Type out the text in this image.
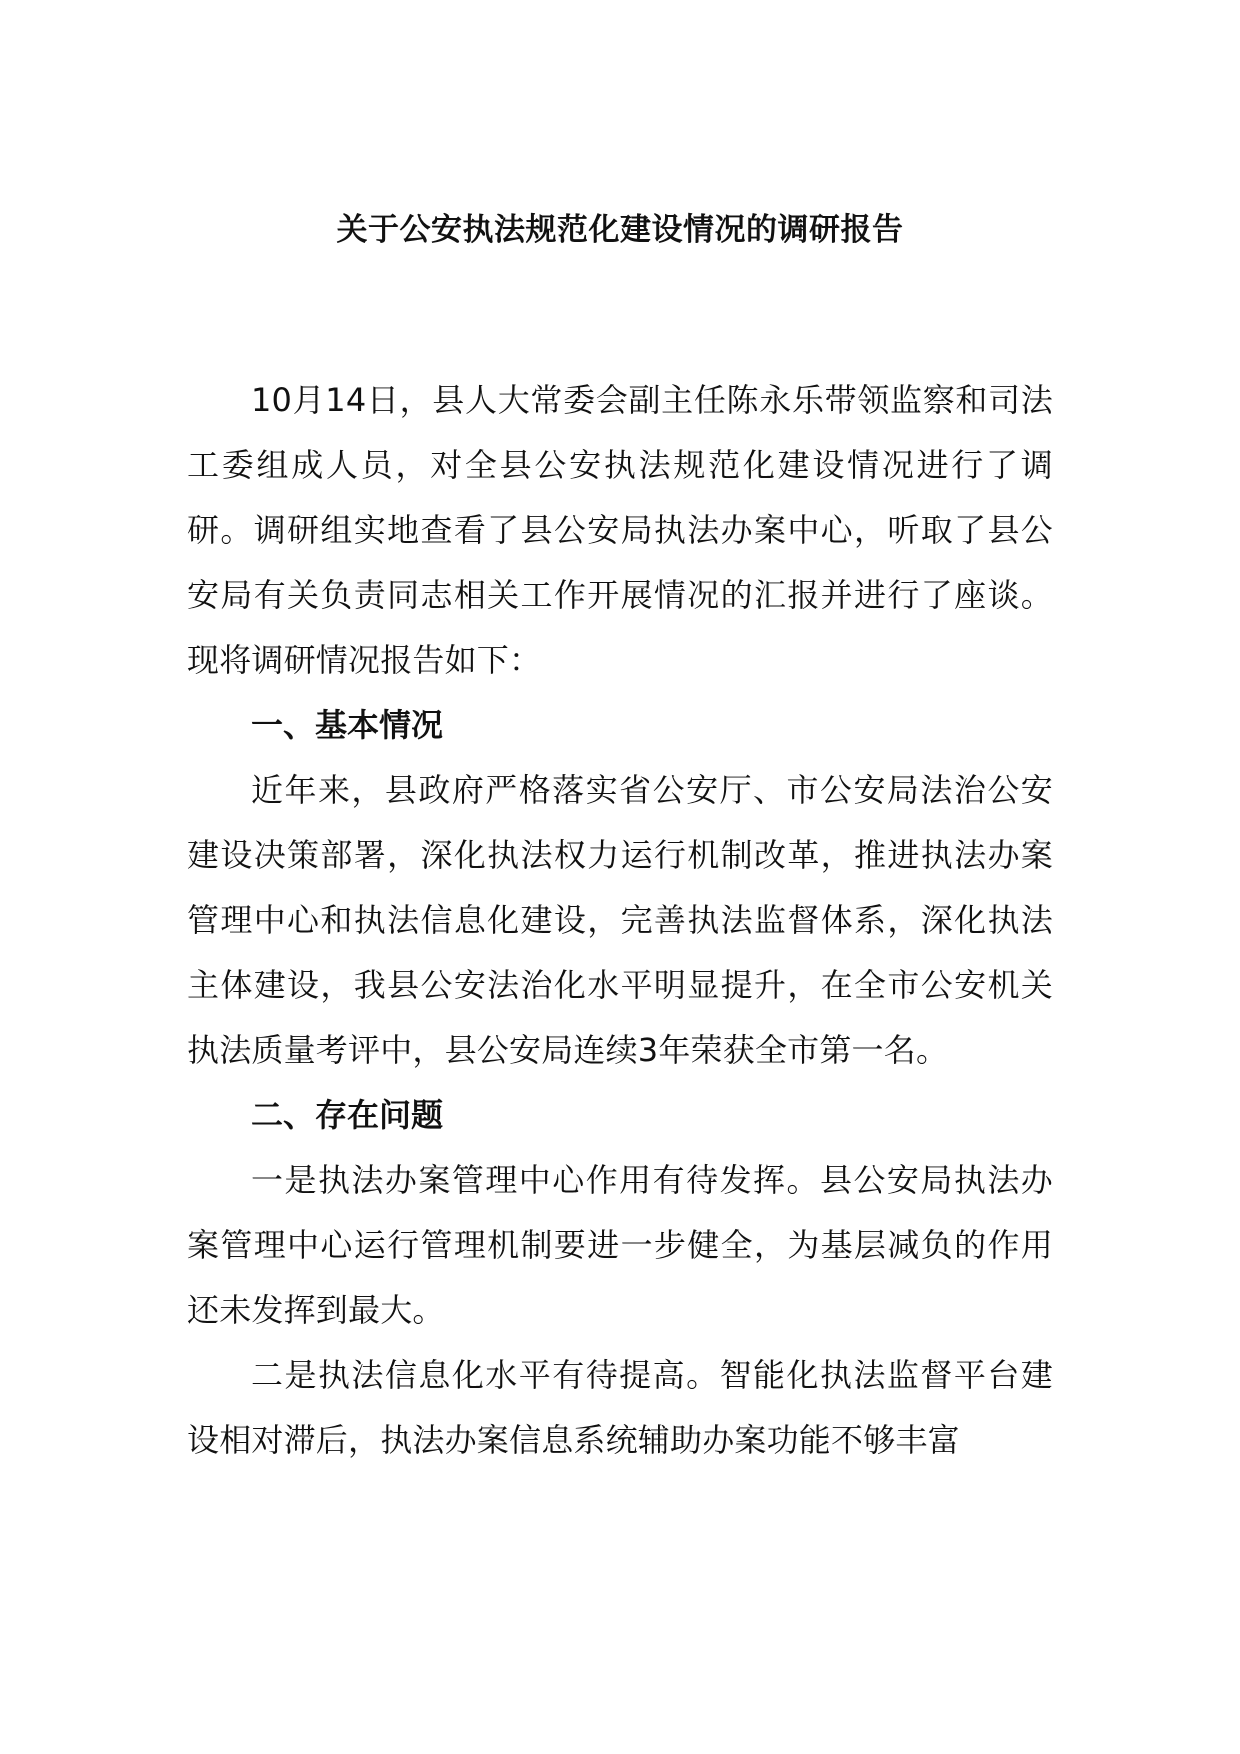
关于公安执法规范化建设情况的调研报告

10月14日，县人大常委会副主任陈永乐带领监察和司法工委组成人员，对全县公安执法规范化建设情况进行了调研。调研组实地查看了县公安局执法办案中心，听取了县公安局有关负责同志相关工作开展情况的汇报并进行了座谈。现将调研情况报告如下：

一、基本情况

近年来，县政府严格落实省公安厅、市公安局法治公安建设决策部署，深化执法权力运行机制改革，推进执法办案管理中心和执法信息化建设，完善执法监督体系，深化执法主体建设，我县公安法治化水平明显提升，在全市公安机关执法质量考评中，县公安局连续3年荣获全市第一名。

二、存在问题

一是执法办案管理中心作用有待发挥。县公安局执法办案管理中心运行管理机制要进一步健全，为基层减负的作用还未发挥到最大。

二是执法信息化水平有待提高。智能化执法监督平台建设相对滞后，执法办案信息系统辅助办案功能不够丰富
